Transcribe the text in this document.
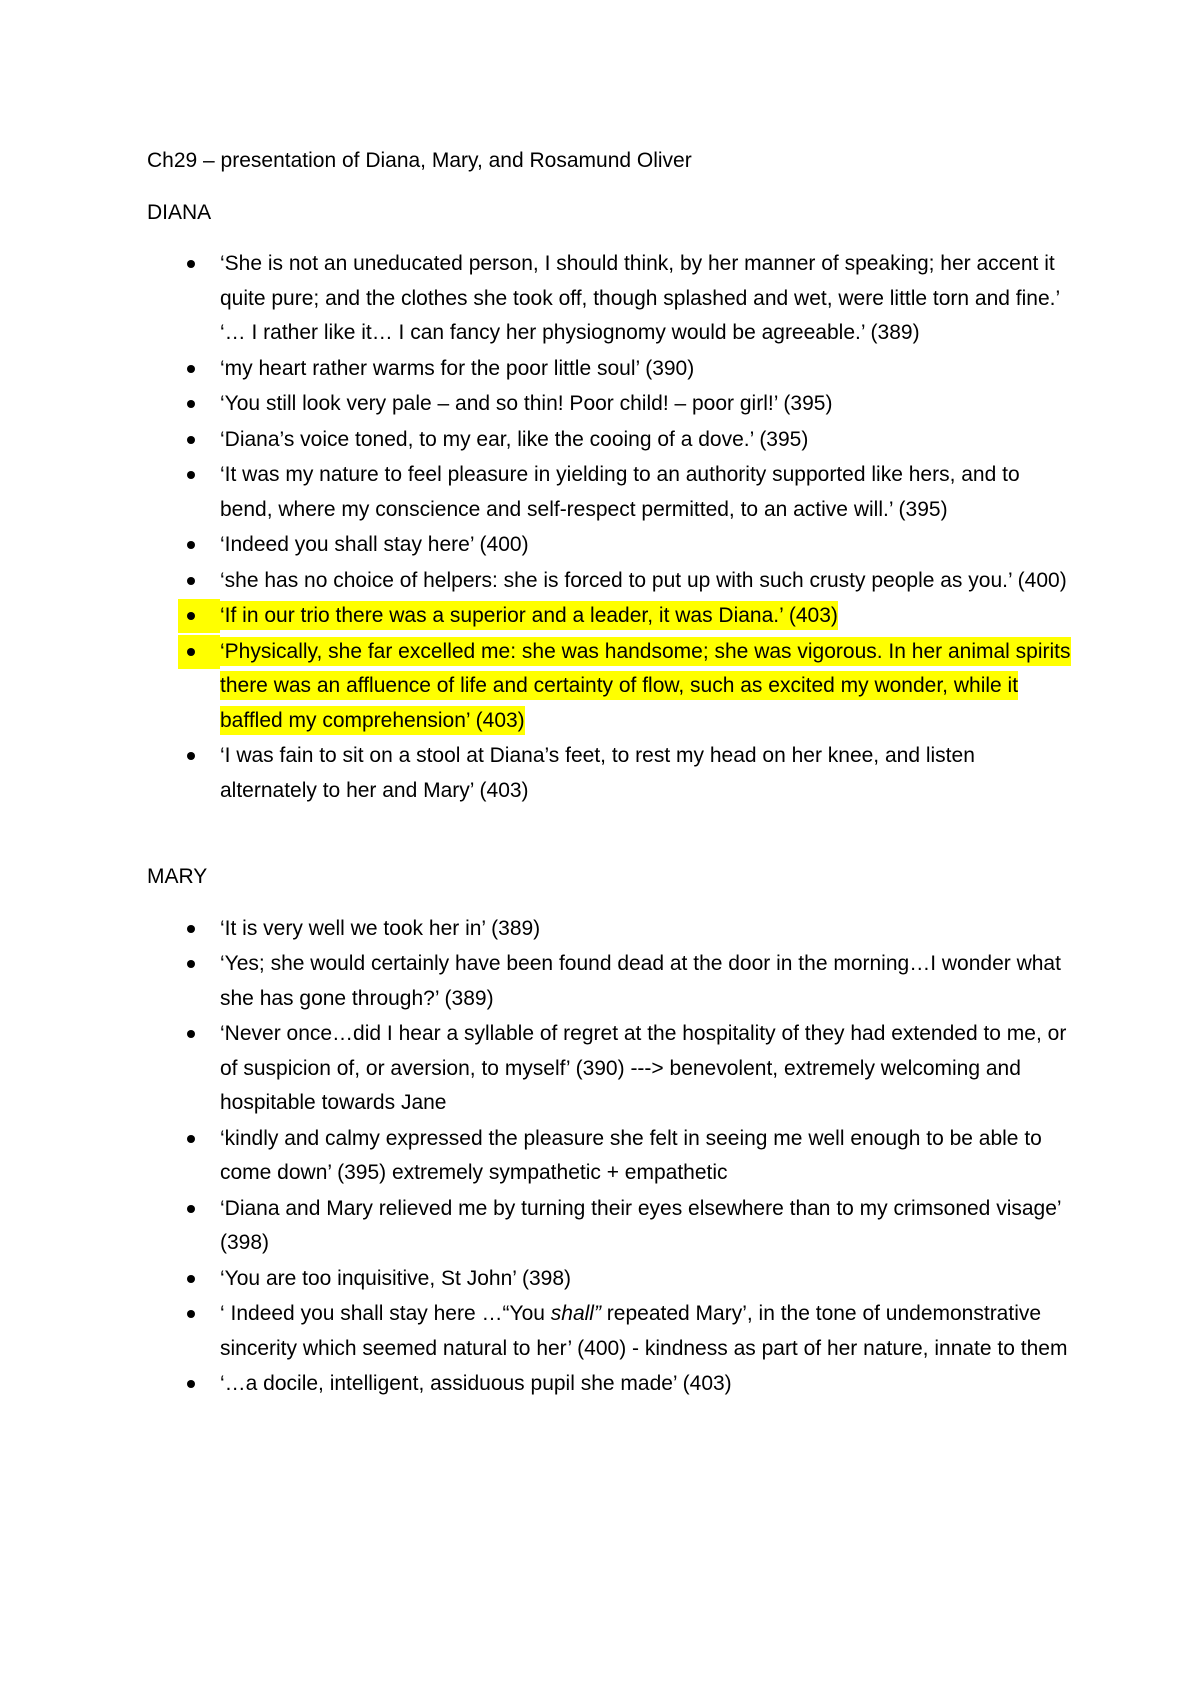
Ch29 – presentation of Diana, Mary, and Rosamund Oliver

DIANA

‘She is not an uneducated person, I should think, by her manner of speaking; her accent it quite pure; and the clothes she took off, though splashed and wet, were little torn and fine.’ ‘… I rather like it… I can fancy her physiognomy would be agreeable.’ (389)
‘my heart rather warms for the poor little soul’ (390)
‘You still look very pale – and so thin! Poor child! – poor girl!’ (395)
‘Diana’s voice toned, to my ear, like the cooing of a dove.’ (395)
‘It was my nature to feel pleasure in yielding to an authority supported like hers, and to bend, where my conscience and self-respect permitted, to an active will.’ (395)
‘Indeed you shall stay here’ (400)
‘she has no choice of helpers: she is forced to put up with such crusty people as you.’ (400)
‘If in our trio there was a superior and a leader, it was Diana.’ (403)
‘Physically, she far excelled me: she was handsome; she was vigorous. In her animal spirits there was an affluence of life and certainty of flow, such as excited my wonder, while it baffled my comprehension’ (403)
‘I was fain to sit on a stool at Diana’s feet, to rest my head on her knee, and listen alternately to her and Mary’ (403)

MARY

‘It is very well we took her in’ (389)
‘Yes; she would certainly have been found dead at the door in the morning…I wonder what she has gone through?’ (389)
‘Never once…did I hear a syllable of regret at the hospitality of they had extended to me, or of suspicion of, or aversion, to myself’ (390) ---> benevolent, extremely welcoming and hospitable towards Jane
‘kindly and calmy expressed the pleasure she felt in seeing me well enough to be able to come down’ (395) extremely sympathetic + empathetic
‘Diana and Mary relieved me by turning their eyes elsewhere than to my crimsoned visage’ (398)
‘You are too inquisitive, St John’ (398)
‘ Indeed you shall stay here …“You shall” repeated Mary’, in the tone of undemonstrative sincerity which seemed natural to her’ (400) - kindness as part of her nature, innate to them
‘…a docile, intelligent, assiduous pupil she made’ (403)
